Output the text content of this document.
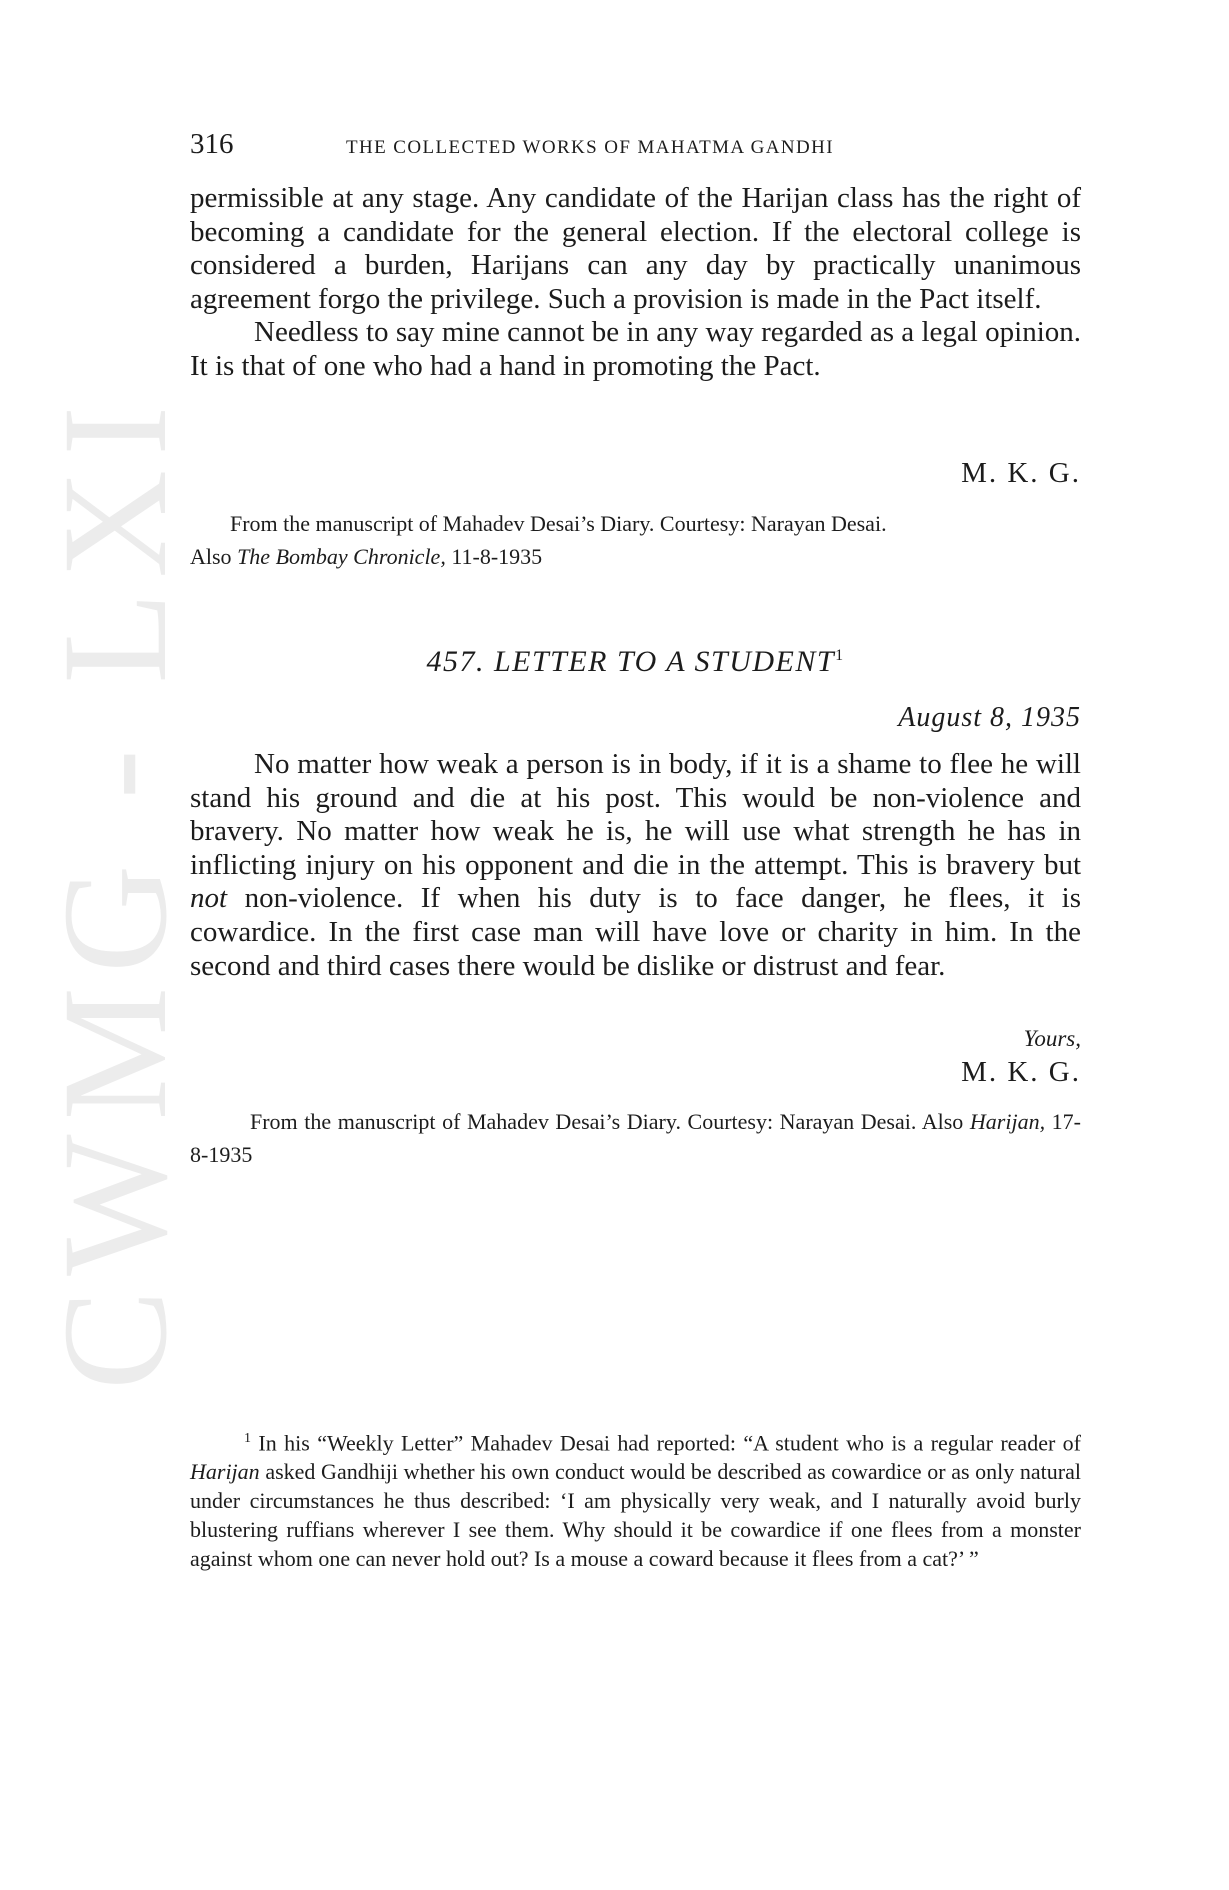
CWMG - LXI
316	THE COLLECTED WORKS OF MAHATMA GANDHI

permissible at any stage. Any candidate of the Harijan class has the right of becoming a candidate for the general election. If the electoral college is considered a burden, Harijans can any day by practically unanimous agreement forgo the privilege. Such a provision is made in the Pact itself.

Needless to say mine cannot be in any way regarded as a legal opinion. It is that of one who had a hand in promoting the Pact.

M. K. G.

From the manuscript of Mahadev Desai’s Diary. Courtesy: Narayan Desai.
Also The Bombay Chronicle, 11-8-1935

457. LETTER TO A STUDENT$^1$
August 8, 1935

No matter how weak a person is in body, if it is a shame to flee he will stand his ground and die at his post. This would be non-violence and bravery. No matter how weak he is, he will use what strength he has in inflicting injury on his opponent and die in the attempt. This is bravery but not non-violence. If when his duty is to face danger, he flees, it is cowardice. In the first case man will have love or charity in him. In the second and third cases there would be dislike or distrust and fear.

Yours,
M. K. G.

From the manuscript of Mahadev Desai’s Diary. Courtesy: Narayan Desai. Also Harijan, 17-8-1935

$^1$ In his “Weekly Letter” Mahadev Desai had reported: “A student who is a regular reader of Harijan asked Gandhiji whether his own conduct would be described as cowardice or as only natural under circumstances he thus described: ‘I am physically very weak, and I naturally avoid burly blustering ruffians wherever I see them. Why should it be cowardice if one flees from a monster against whom one can never hold out? Is a mouse a coward because it flees from a cat?’ ”
